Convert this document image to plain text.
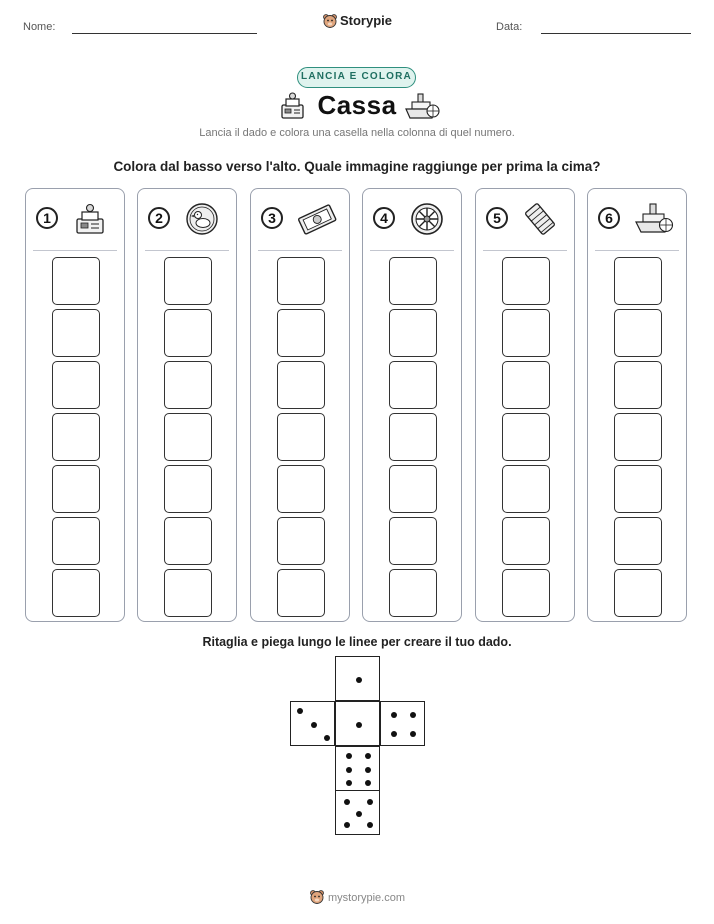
Nome:	Storypie	Data:
LANCIA E COLORA
Cassa
Lancia il dado e colora una casella nella colonna di quel numero.
Colora dal basso verso l'alto. Quale immagine raggiunge per prima la cima?
1	2	3	4	5	6
Ritaglia e piega lungo le linee per creare il tuo dado.
mystorypie.com
